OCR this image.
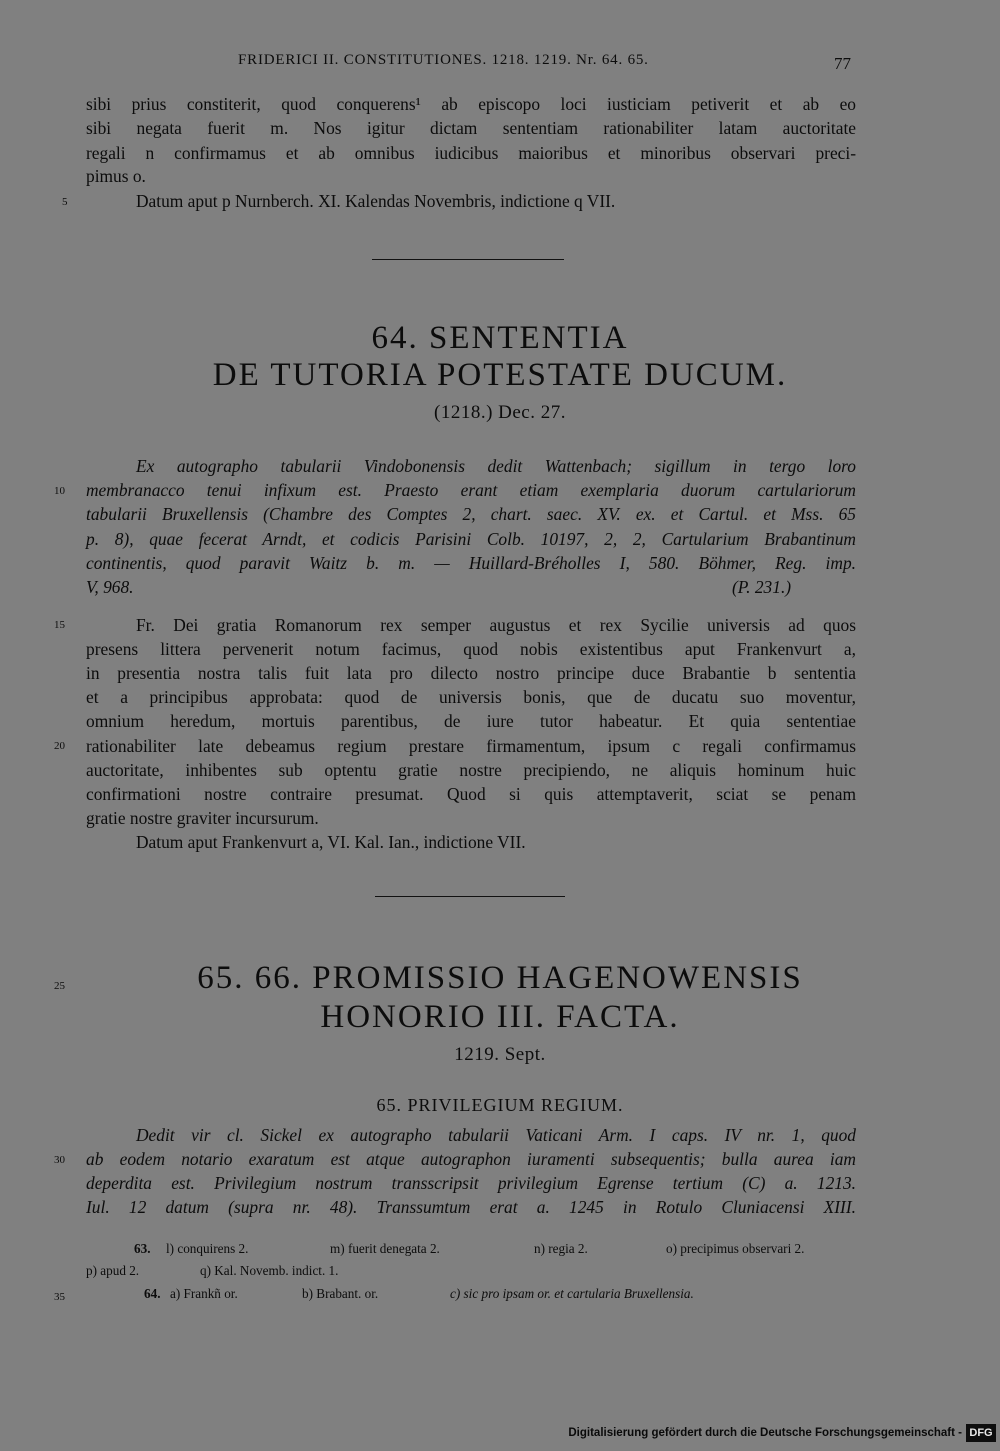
FRIDERICI II. CONSTITUTIONES. 1218. 1219. Nr. 64. 65.	77
sibi prius constiterit, quod conquerens¹ ab episcopo loci iusticiam petiverit et ab eo
sibi negata fuerit m. Nos igitur dictam sententiam rationabiliter latam auctoritate
regali n confirmamus et ab omnibus iudicibus maioribus et minoribus observari preci-
pimus o.
Datum aput p Nurnberch. XI. Kalendas Novembris, indictione q VII.
64. SENTENTIA
DE TUTORIA POTESTATE DUCUM.
(1218.) Dec. 27.
Ex autographo tabularii Vindobonensis dedit Wattenbach; sigillum in tergo loro
membranacco tenui infixum est. Praesto erant etiam exemplaria duorum cartulariorum
tabularii Bruxellensis (Chambre des Comptes 2, chart. saec. XV. ex. et Cartul. et Mss. 65
p. 8), quae fecerat Arndt, et codicis Parisini Colb. 10197, 2, 2, Cartularium Brabantinum
continentis, quod paravit Waitz b. m. — Huillard-Bréholles I, 580. Böhmer, Reg. imp.
V, 968.	(P. 231.)
Fr. Dei gratia Romanorum rex semper augustus et rex Sycilie universis ad quos
presens littera pervenerit notum facimus, quod nobis existentibus aput Frankenvurt a,
in presentia nostra talis fuit lata pro dilecto nostro principe duce Brabantie b sententia
et a principibus approbata: quod de universis bonis, que de ducatu suo moventur,
omnium heredum, mortuis parentibus, de iure tutor habeatur. Et quia sententiae
rationabiliter late debeamus regium prestare firmamentum, ipsum c regali confirmamus
auctoritate, inhibentes sub optentu gratie nostre precipiendo, ne aliquis hominum huic
confirmationi nostre contraire presumat. Quod si quis attemptaverit, sciat se penam
gratie nostre graviter incursurum.
Datum aput Frankenvurt a, VI. Kal. Ian., indictione VII.
65. 66. PROMISSIO HAGENOWENSIS
HONORIO III. FACTA.
1219. Sept.
65. PRIVILEGIUM REGIUM.
Dedit vir cl. Sickel ex autographo tabularii Vaticani Arm. I caps. IV nr. 1, quod
ab eodem notario exaratum est atque autographon iuramenti subsequentis; bulla aurea iam
deperdita est. Privilegium nostrum transscripsit privilegium Egrense tertium (C) a. 1213.
Iul. 12 datum (supra nr. 48). Transsumtum erat a. 1245 in Rotulo Cluniacensi XIII.
63. l) conquirens 2.	m) fuerit denegata 2.	n) regia 2.	o) precipimus observari 2.
p) apud 2.	q) Kal. Novemb. indict. 1.
64. a) Frankñ or.	b) Brabant. or.	c) sic pro ipsam or. et cartularia Bruxellensia.
5
10
15
20
25
30
35
Digitalisierung gefördert durch die Deutsche Forschungsgemeinschaft - DFG
